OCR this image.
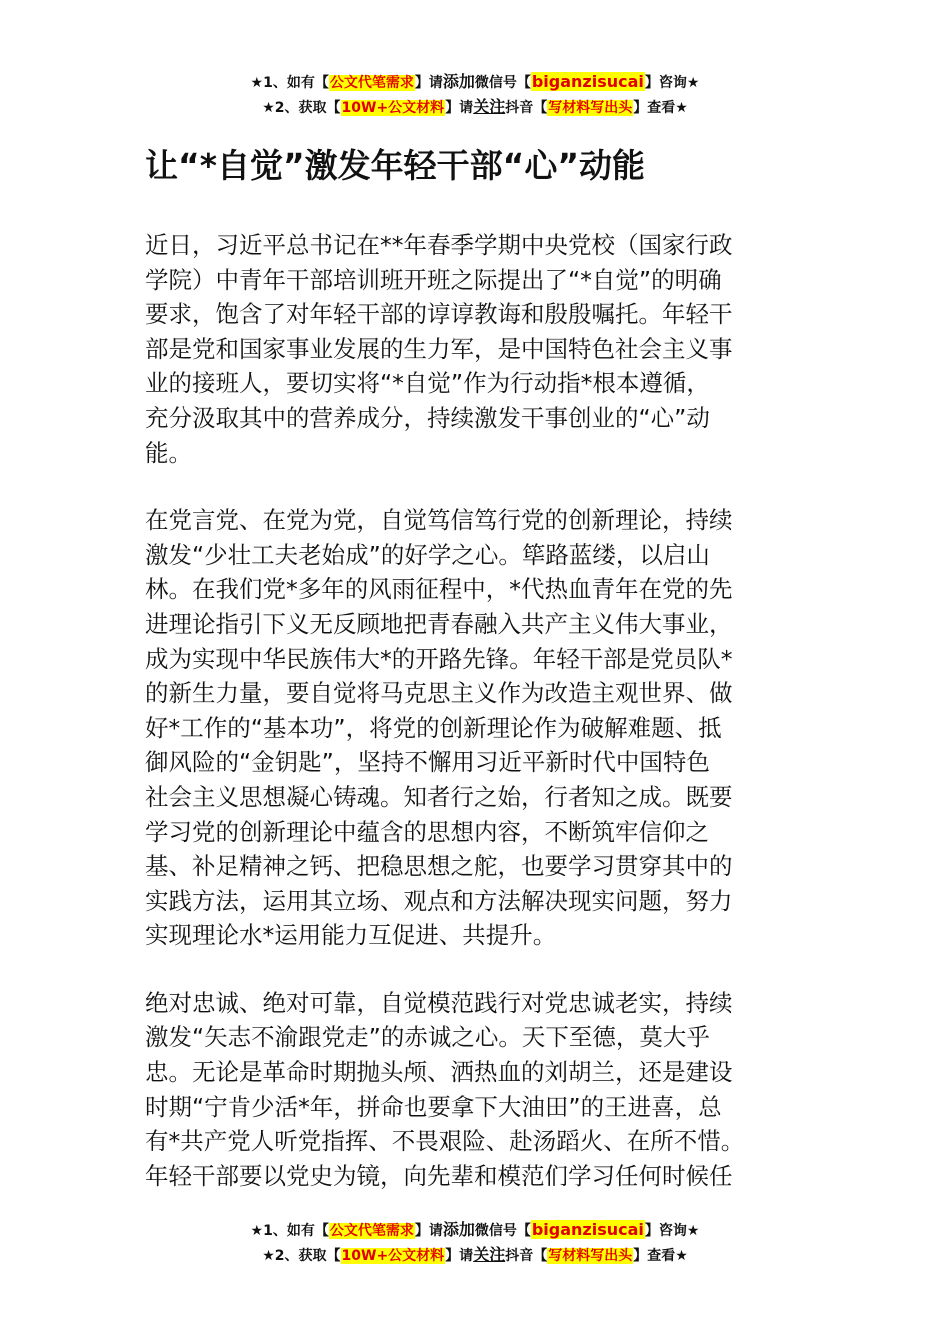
★1、如有【公文代笔需求】请添加微信号【biganzisucai】咨询★
★2、获取【10W+公文材料】请关注抖音【写材料写出头】查看★
让“*自觉”激发年轻干部“心”动能

近日，习近平总书记在**年春季学期中央党校（国家行政
学院）中青年干部培训班开班之际提出了“*自觉”的明确
要求，饱含了对年轻干部的谆谆教诲和殷殷嘱托。年轻干
部是党和国家事业发展的生力军，是中国特色社会主义事
业的接班人，要切实将“*自觉”作为行动指*根本遵循，
充分汲取其中的营养成分，持续激发干事创业的“心”动
能。

在党言党、在党为党，自觉笃信笃行党的创新理论，持续
激发“少壮工夫老始成”的好学之心。筚路蓝缕，以启山
林。在我们党*多年的风雨征程中，*代热血青年在党的先
进理论指引下义无反顾地把青春融入共产主义伟大事业，
成为实现中华民族伟大*的开路先锋。年轻干部是党员队*
的新生力量，要自觉将马克思主义作为改造主观世界、做
好*工作的“基本功”，将党的创新理论作为破解难题、抵
御风险的“金钥匙”，坚持不懈用习近平新时代中国特色
社会主义思想凝心铸魂。知者行之始，行者知之成。既要
学习党的创新理论中蕴含的思想内容，不断筑牢信仰之
基、补足精神之钙、把稳思想之舵，也要学习贯穿其中的
实践方法，运用其立场、观点和方法解决现实问题，努力
实现理论水*运用能力互促进、共提升。

绝对忠诚、绝对可靠，自觉模范践行对党忠诚老实，持续
激发“矢志不渝跟党走”的赤诚之心。天下至德，莫大乎
忠。无论是革命时期抛头颅、洒热血的刘胡兰，还是建设
时期“宁肯少活*年，拼命也要拿下大油田”的王进喜，总
有*共产党人听党指挥、不畏艰险、赴汤蹈火、在所不惜。
年轻干部要以党史为镜，向先辈和模范们学习任何时候任

★1、如有【公文代笔需求】请添加微信号【biganzisucai】咨询★
★2、获取【10W+公文材料】请关注抖音【写材料写出头】查看★
